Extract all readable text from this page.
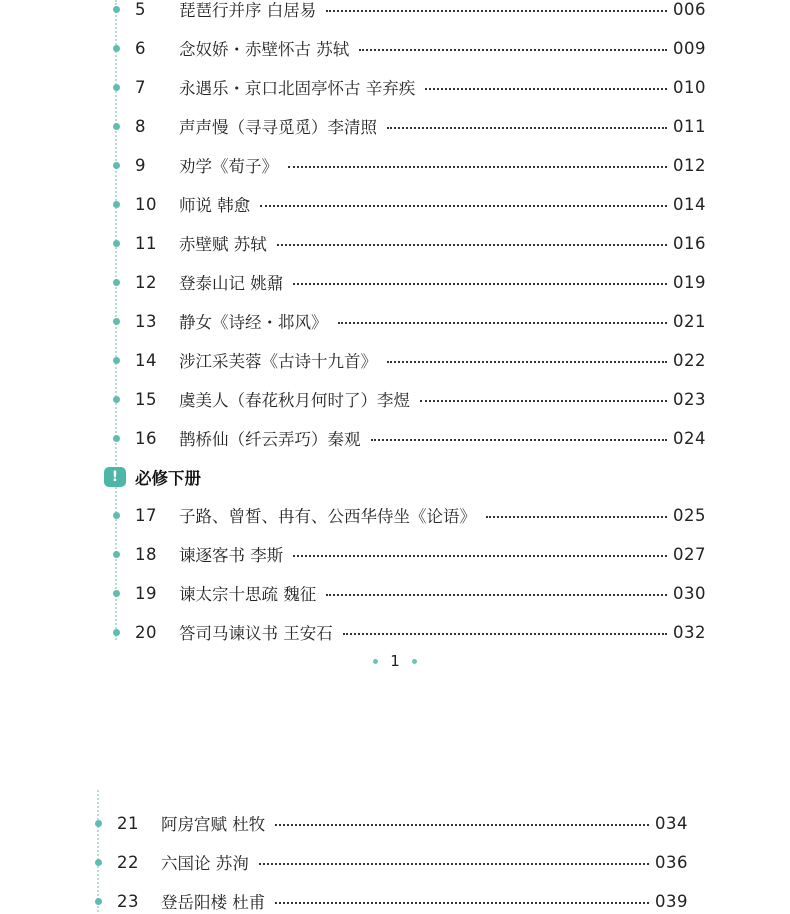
5	琵琶行并序 白居易	006
6	念奴娇・赤壁怀古 苏轼	009
7	永遇乐・京口北固亭怀古 辛弃疾	010
8	声声慢（寻寻觅觅）李清照	011
9	劝学《荀子》	012
10	师说 韩愈	014
11	赤壁赋 苏轼	016
12	登泰山记 姚鼐	019
13	静女《诗经・邶风》	021
14	涉江采芙蓉《古诗十九首》	022
15	虞美人（春花秋月何时了）李煜	023
16	鹊桥仙（纤云弄巧）秦观	024
!	必修下册
17	子路、曾皙、冉有、公西华侍坐《论语》	025
18	谏逐客书 李斯	027
19	谏太宗十思疏 魏征	030
20	答司马谏议书 王安石	032
1
21	阿房宫赋 杜牧	034
22	六国论 苏洵	036
23	登岳阳楼 杜甫	039
